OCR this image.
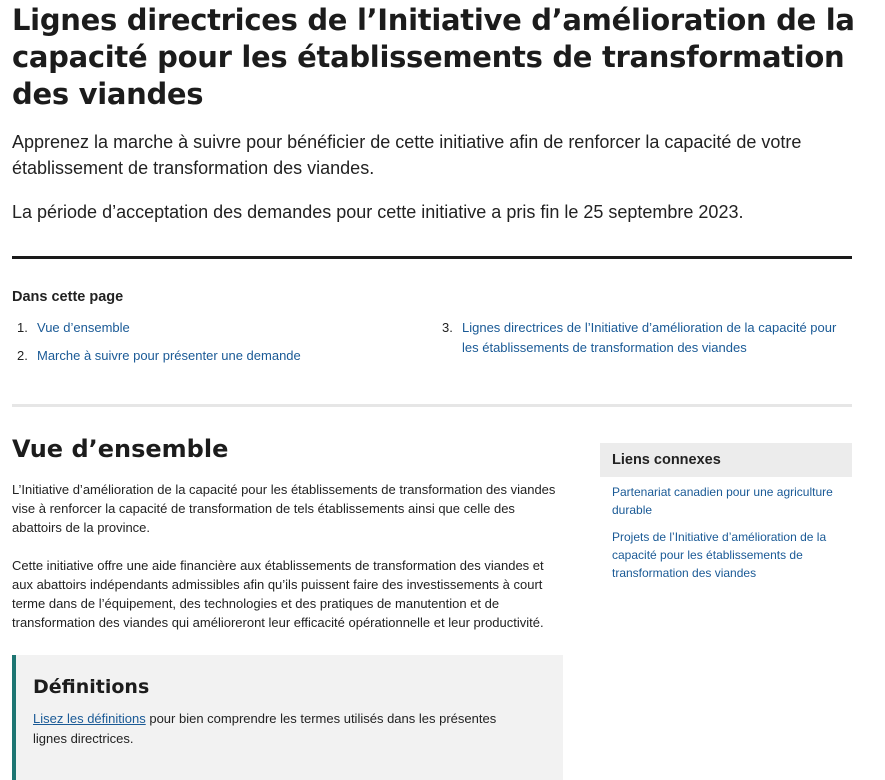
Lignes directrices de l’Initiative d’amélioration de la capacité pour les établissements de transformation des viandes
Apprenez la marche à suivre pour bénéficier de cette initiative afin de renforcer la capacité de votre établissement de transformation des viandes.
La période d’acceptation des demandes pour cette initiative a pris fin le 25 septembre 2023.
Dans cette page
1. Vue d’ensemble
2. Marche à suivre pour présenter une demande
3. Lignes directrices de l’Initiative d’amélioration de la capacité pour les établissements de transformation des viandes
Vue d’ensemble
L’Initiative d’amélioration de la capacité pour les établissements de transformation des viandes vise à renforcer la capacité de transformation de tels établissements ainsi que celle des abattoirs de la province.
Cette initiative offre une aide financière aux établissements de transformation des viandes et aux abattoirs indépendants admissibles afin qu’ils puissent faire des investissements à court terme dans de l’équipement, des technologies et des pratiques de manutention et de transformation des viandes qui amélioreront leur efficacité opérationnelle et leur productivité.
Définitions
Lisez les définitions pour bien comprendre les termes utilisés dans les présentes lignes directrices.
Liens connexes
Partenariat canadien pour une agriculture durable
Projets de l’Initiative d’amélioration de la capacité pour les établissements de transformation des viandes
